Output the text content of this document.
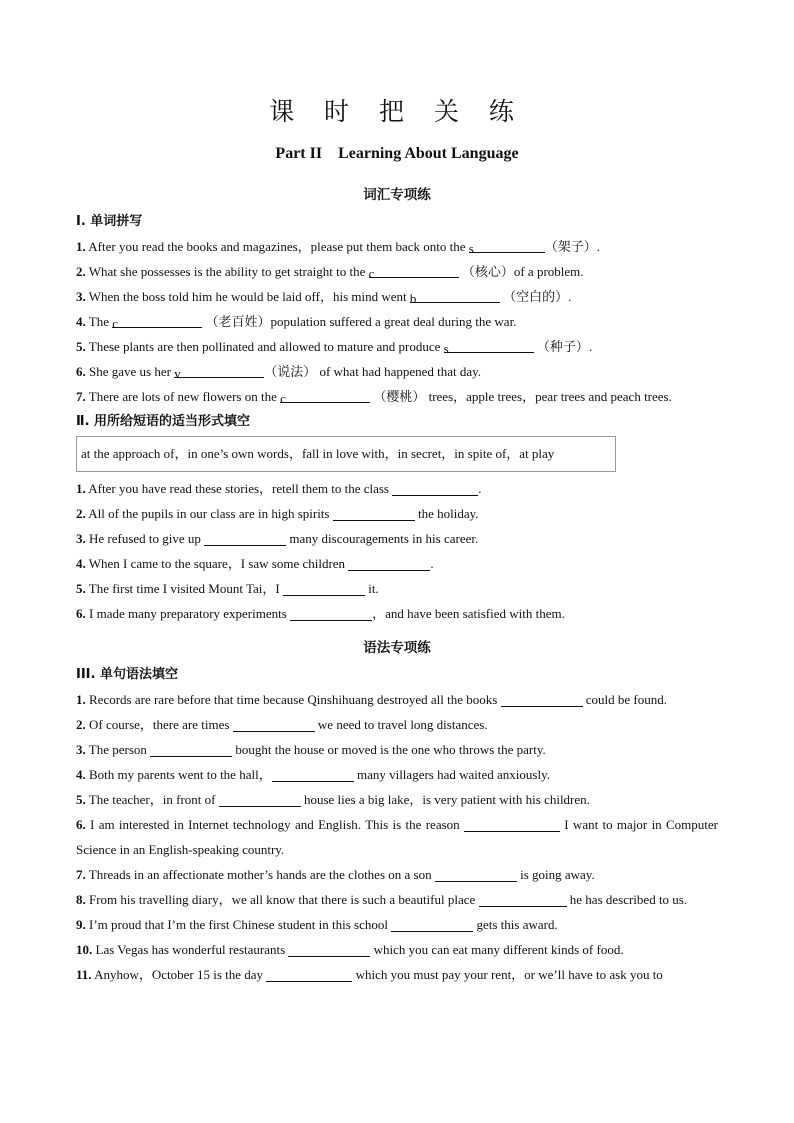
课 时 把 关 练
Part II　Learning About Language
词汇专项练
Ⅰ. 单词拼写

1. After you read the books and magazines，please put them back onto the s	（架子）.

2. What she possesses is the ability to get straight to the c	（核心）of a problem.

3. When the boss told him he would be laid off，his mind went b	（空白的）.

4. The c	（老百姓）population suffered a great deal during the war.

5. These plants are then pollinated and allowed to mature and produce s	（种子）.

6. She gave us her v	（说法） of what had happened that day.

7. There are lots of new flowers on the c	（樱桃） trees，apple trees，pear trees and peach trees.

Ⅱ. 用所给短语的适当形式填空
at the approach of，in one’s own words，fall in love with，in secret，in spite of，at play

1. After you have read these stories，retell them to the class	.

2. All of the pupils in our class are in high spirits	the holiday.

3. He refused to give up	many discouragements in his career.

4. When I came to the square，I saw some children	.

5. The first time I visited Mount Tai，I	it.

6. I made many preparatory experiments	，and have been satisfied with them.

语法专项练
III. 单句语法填空

1. Records are rare before that time because Qinshihuang destroyed all the books	could be found.

2. Of course，there are times	we need to travel long distances.

3. The person	bought the house or moved is the one who throws the party.

4. Both my parents went to the hall，	many villagers had waited anxiously.

5. The teacher，in front of	house lies a big lake，is very patient with his children.

6. I am interested in Internet technology and English. This is the reason	I want to major in Computer Science in an English-speaking country.

7. Threads in an affectionate mother’s hands are the clothes on a son	is going away.

8. From his travelling diary，we all know that there is such a beautiful place	he has described to us.

9. I’m proud that I’m the first Chinese student in this school	gets this award.

10. Las Vegas has wonderful restaurants	which you can eat many different kinds of food.

11. Anyhow，October 15 is the day	which you must pay your rent，or we’ll have to ask you to
